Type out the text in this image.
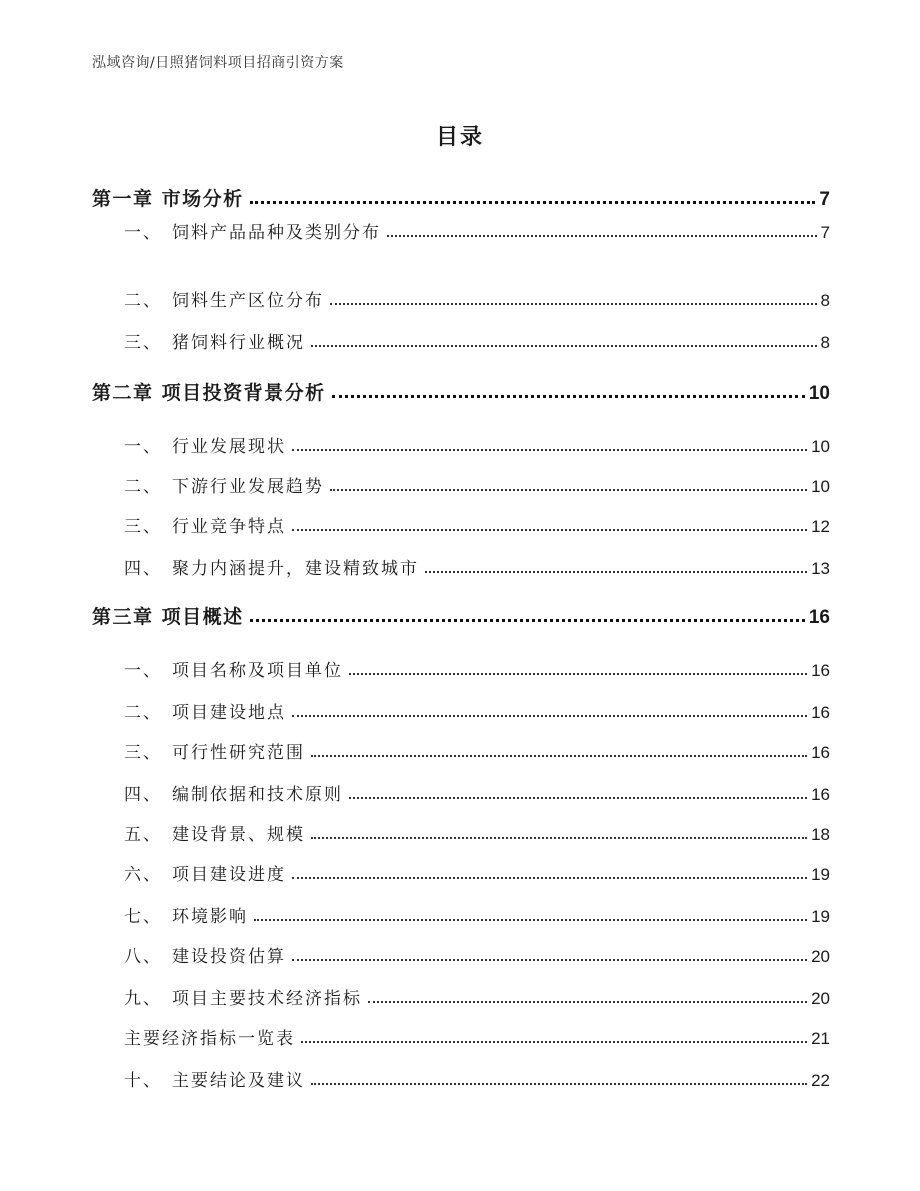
泓域咨询/日照猪饲料项目招商引资方案
目录
第一章 市场分析	7
一、 饲料产品品种及类别分布	7
二、 饲料生产区位分布	8
三、 猪饲料行业概况	8
第二章 项目投资背景分析	10
一、 行业发展现状	10
二、 下游行业发展趋势	10
三、 行业竞争特点	12
四、 聚力内涵提升，建设精致城市	13
第三章 项目概述	16
一、 项目名称及项目单位	16
二、 项目建设地点	16
三、 可行性研究范围	16
四、 编制依据和技术原则	16
五、 建设背景、规模	18
六、 项目建设进度	19
七、 环境影响	19
八、 建设投资估算	20
九、 项目主要技术经济指标	20
主要经济指标一览表	21
十、 主要结论及建议	22
